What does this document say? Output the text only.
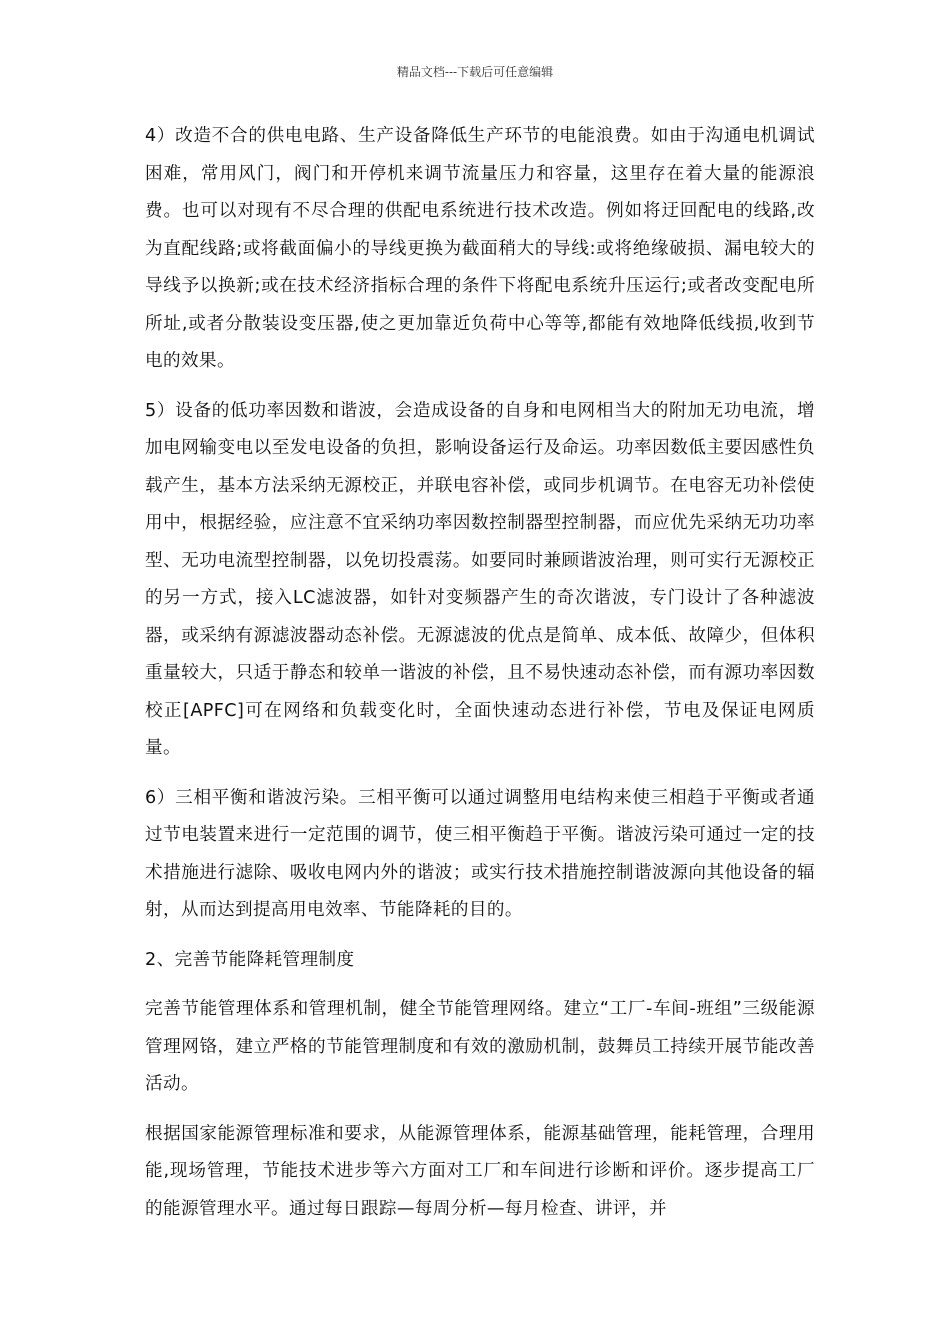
精品文档---下载后可任意编辑

4）改造不合的供电电路、生产设备降低生产环节的电能浪费。如由于沟通电机调试困难，常用风门，阀门和开停机来调节流量压力和容量，这里存在着大量的能源浪费。也可以对现有不尽合理的供配电系统进行技术改造。例如将迂回配电的线路,改为直配线路;或将截面偏小的导线更换为截面稍大的导线:或将绝缘破损、漏电较大的导线予以换新;或在技术经济指标合理的条件下将配电系统升压运行;或者改变配电所所址,或者分散装设变压器,使之更加靠近负荷中心等等,都能有效地降低线损,收到节电的效果。

5）设备的低功率因数和谐波，会造成设备的自身和电网相当大的附加无功电流，增加电网输变电以至发电设备的负担，影响设备运行及命运。功率因数低主要因感性负载产生，基本方法采纳无源校正，并联电容补偿，或同步机调节。在电容无功补偿使用中，根据经验，应注意不宜采纳功率因数控制器型控制器，而应优先采纳无功功率型、无功电流型控制器，以免切投震荡。如要同时兼顾谐波治理，则可实行无源校正的另一方式，接入LC滤波器，如针对变频器产生的奇次谐波，专门设计了各种滤波器，或采纳有源滤波器动态补偿。无源滤波的优点是简单、成本低、故障少，但体积重量较大，只适于静态和较单一谐波的补偿，且不易快速动态补偿，而有源功率因数校正[APFC]可在网络和负载变化时，全面快速动态进行补偿，节电及保证电网质量。

6）三相平衡和谐波污染。三相平衡可以通过调整用电结构来使三相趋于平衡或者通过节电装置来进行一定范围的调节，使三相平衡趋于平衡。谐波污染可通过一定的技术措施进行滤除、吸收电网内外的谐波；或实行技术措施控制谐波源向其他设备的辐射，从而达到提高用电效率、节能降耗的目的。

2、完善节能降耗管理制度

完善节能管理体系和管理机制，健全节能管理网络。建立“工厂-车间-班组”三级能源管理网铬，建立严格的节能管理制度和有效的激励机制，鼓舞员工持续开展节能改善活动。

根据国家能源管理标准和要求，从能源管理体系，能源基础管理，能耗管理，合理用能,现场管理，节能技术进步等六方面对工厂和车间进行诊断和评价。逐步提高工厂的能源管理水平。通过每日跟踪—每周分析—每月检查、讲评，并
